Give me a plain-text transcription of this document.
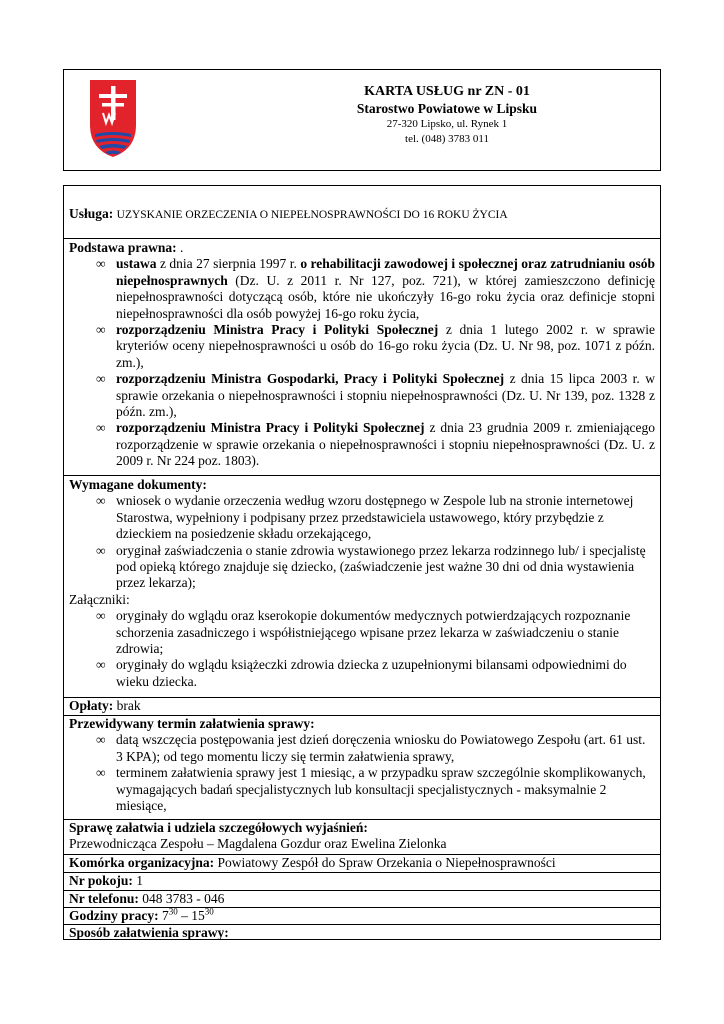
KARTA USŁUG nr ZN - 01
Starostwo Powiatowe w Lipsku
27-320 Lipsko, ul. Rynek 1
tel. (048) 3783 011
Usługa: UZYSKANIE ORZECZENIA O NIEPEŁNOSPRAWNOŚCI DO 16 ROKU ŻYCIA
Podstawa prawna: .
∞ ustawa z dnia 27 sierpnia 1997 r. o rehabilitacji zawodowej i społecznej oraz zatrudnianiu osób niepełnosprawnych (Dz. U. z 2011 r. Nr 127, poz. 721), w której zamieszczono definicję niepełnosprawności dotyczącą osób, które nie ukończyły 16-go roku życia oraz definicje stopni niepełnosprawności dla osób powyżej 16-go roku życia,
∞ rozporządzeniu Ministra Pracy i Polityki Społecznej z dnia 1 lutego 2002 r. w sprawie kryteriów oceny niepełnosprawności u osób do 16-go roku życia (Dz. U. Nr 98, poz. 1071 z późn. zm.),
∞ rozporządzeniu Ministra Gospodarki, Pracy i Polityki Społecznej z dnia 15 lipca 2003 r. w sprawie orzekania o niepełnosprawności i stopniu niepełnosprawności (Dz. U. Nr 139, poz. 1328 z późn. zm.),
∞ rozporządzeniu Ministra Pracy i Polityki Społecznej z dnia 23 grudnia 2009 r. zmieniającego rozporządzenie w sprawie orzekania o niepełnosprawności i stopniu niepełnosprawności (Dz. U. z 2009 r. Nr 224 poz. 1803).
Wymagane dokumenty:
∞ wniosek o wydanie orzeczenia według wzoru dostępnego w Zespole lub na stronie internetowej Starostwa, wypełniony i podpisany przez przedstawiciela ustawowego, który przybędzie z dzieckiem na posiedzenie składu orzekającego,
∞ oryginał zaświadczenia o stanie zdrowia wystawionego przez lekarza rodzinnego lub/ i specjalistę pod opieką którego znajduje się dziecko, (zaświadczenie jest ważne 30 dni od dnia wystawienia przez lekarza);
Załączniki:
∞ oryginały do wglądu oraz kserokopie dokumentów medycznych potwierdzających rozpoznanie schorzenia zasadniczego i współistniejącego wpisane przez lekarza w zaświadczeniu o stanie zdrowia;
∞ oryginały do wglądu książeczki zdrowia dziecka z uzupełnionymi bilansami odpowiednimi do wieku dziecka.
Opłaty: brak
Przewidywany termin załatwienia sprawy:
∞ datą wszczęcia postępowania jest dzień doręczenia wniosku do Powiatowego Zespołu (art. 61 ust. 3 KPA); od tego momentu liczy się termin załatwienia sprawy,
∞ terminem załatwienia sprawy jest 1 miesiąc, a w przypadku spraw szczególnie skomplikowanych, wymagających badań specjalistycznych lub konsultacji specjalistycznych - maksymalnie 2 miesiące,
Sprawę załatwia i udziela szczegółowych wyjaśnień:
Przewodnicząca Zespołu – Magdalena Gozdur oraz Ewelina Zielonka
Komórka organizacyjna: Powiatowy Zespół do Spraw Orzekania o Niepełnosprawności
Nr pokoju: 1
Nr telefonu: 048 3783 - 046
Godziny pracy: $7^{30} - 15^{30}$
Sposób załatwienia sprawy:
